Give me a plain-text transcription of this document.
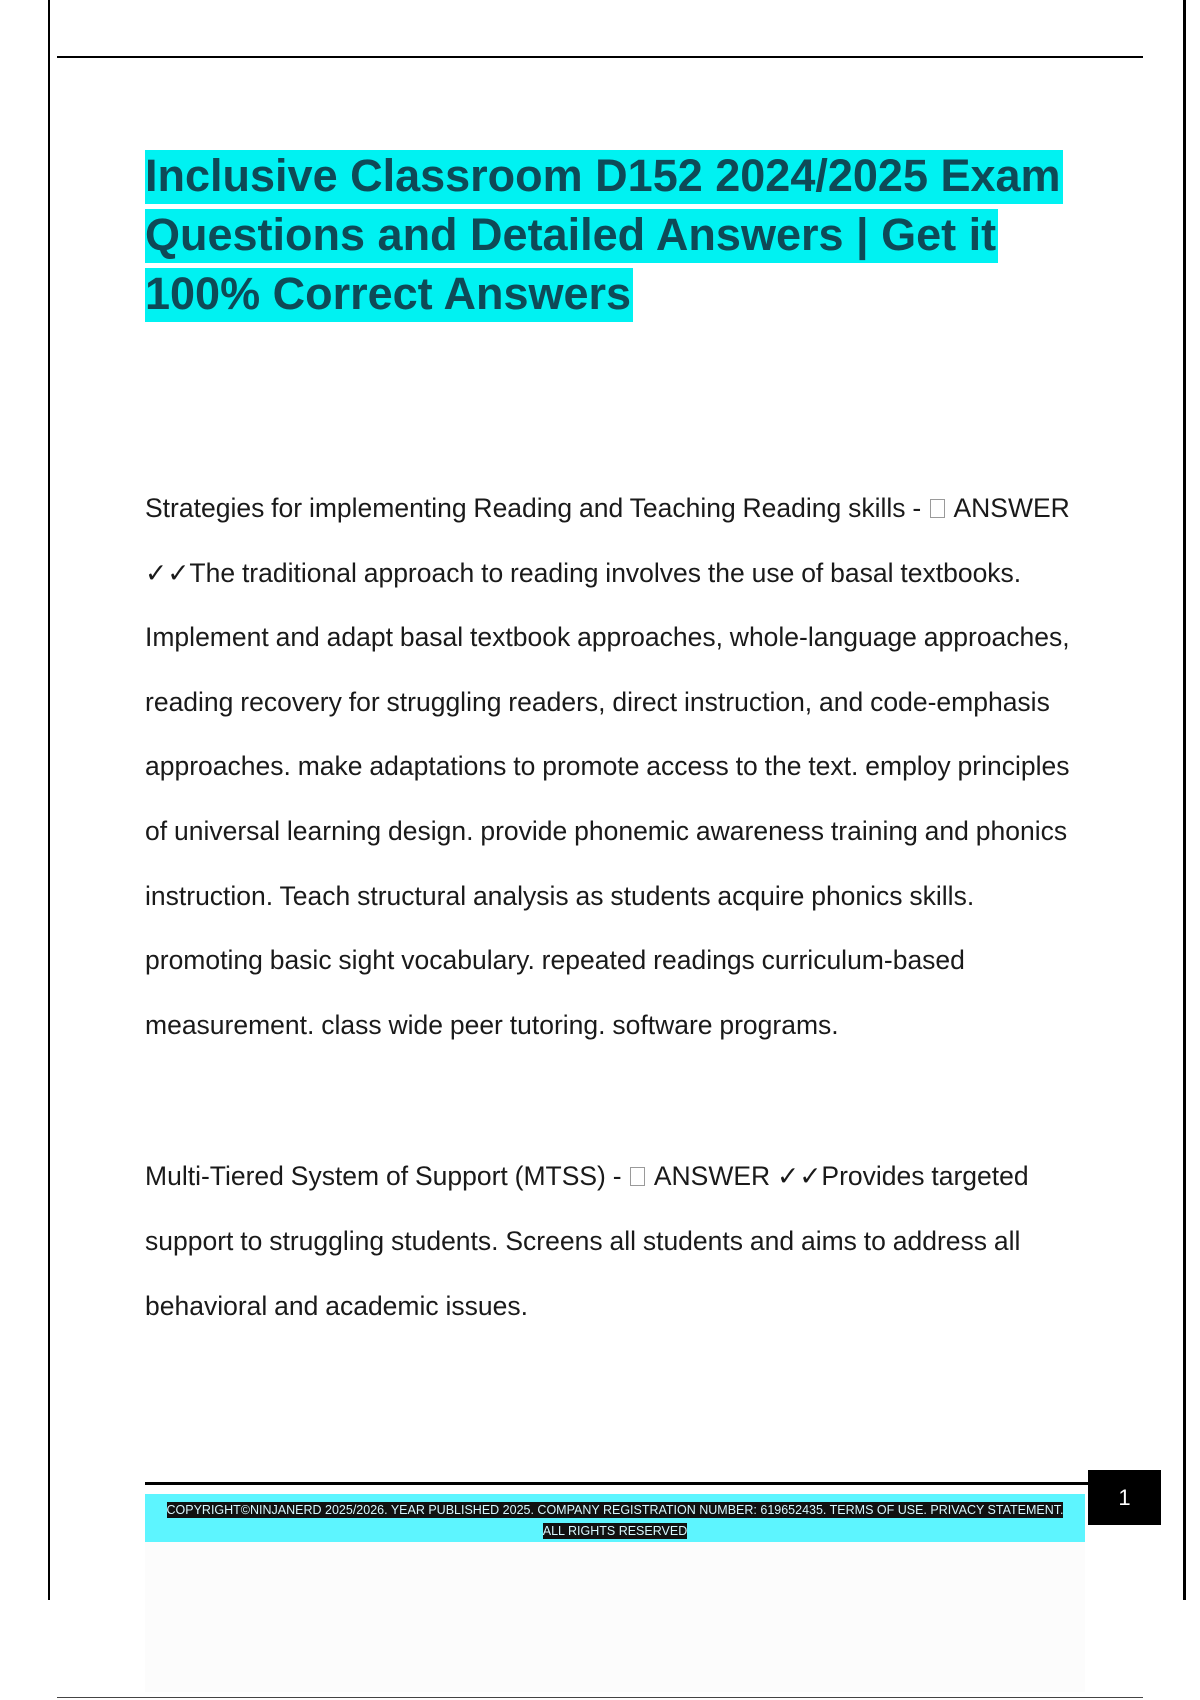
Inclusive Classroom D152 2024/2025 Exam Questions and Detailed Answers | Get it 100% Correct Answers

Strategies for implementing Reading and Teaching Reading skills -  ANSWER ✓✓The traditional approach to reading involves the use of basal textbooks. Implement and adapt basal textbook approaches, whole-language approaches, reading recovery for struggling readers, direct instruction, and code-emphasis approaches. make adaptations to promote access to the text. employ principles of universal learning design. provide phonemic awareness training and phonics instruction. Teach structural analysis as students acquire phonics skills. promoting basic sight vocabulary. repeated readings curriculum-based measurement. class wide peer tutoring. software programs.

Multi-Tiered System of Support (MTSS) -  ANSWER ✓✓Provides targeted support to struggling students. Screens all students and aims to address all behavioral and academic issues.

COPYRIGHT©NINJANERD 2025/2026. YEAR PUBLISHED 2025. COMPANY REGISTRATION NUMBER: 619652435. TERMS OF USE. PRIVACY STATEMENT. ALL RIGHTS RESERVED

1
